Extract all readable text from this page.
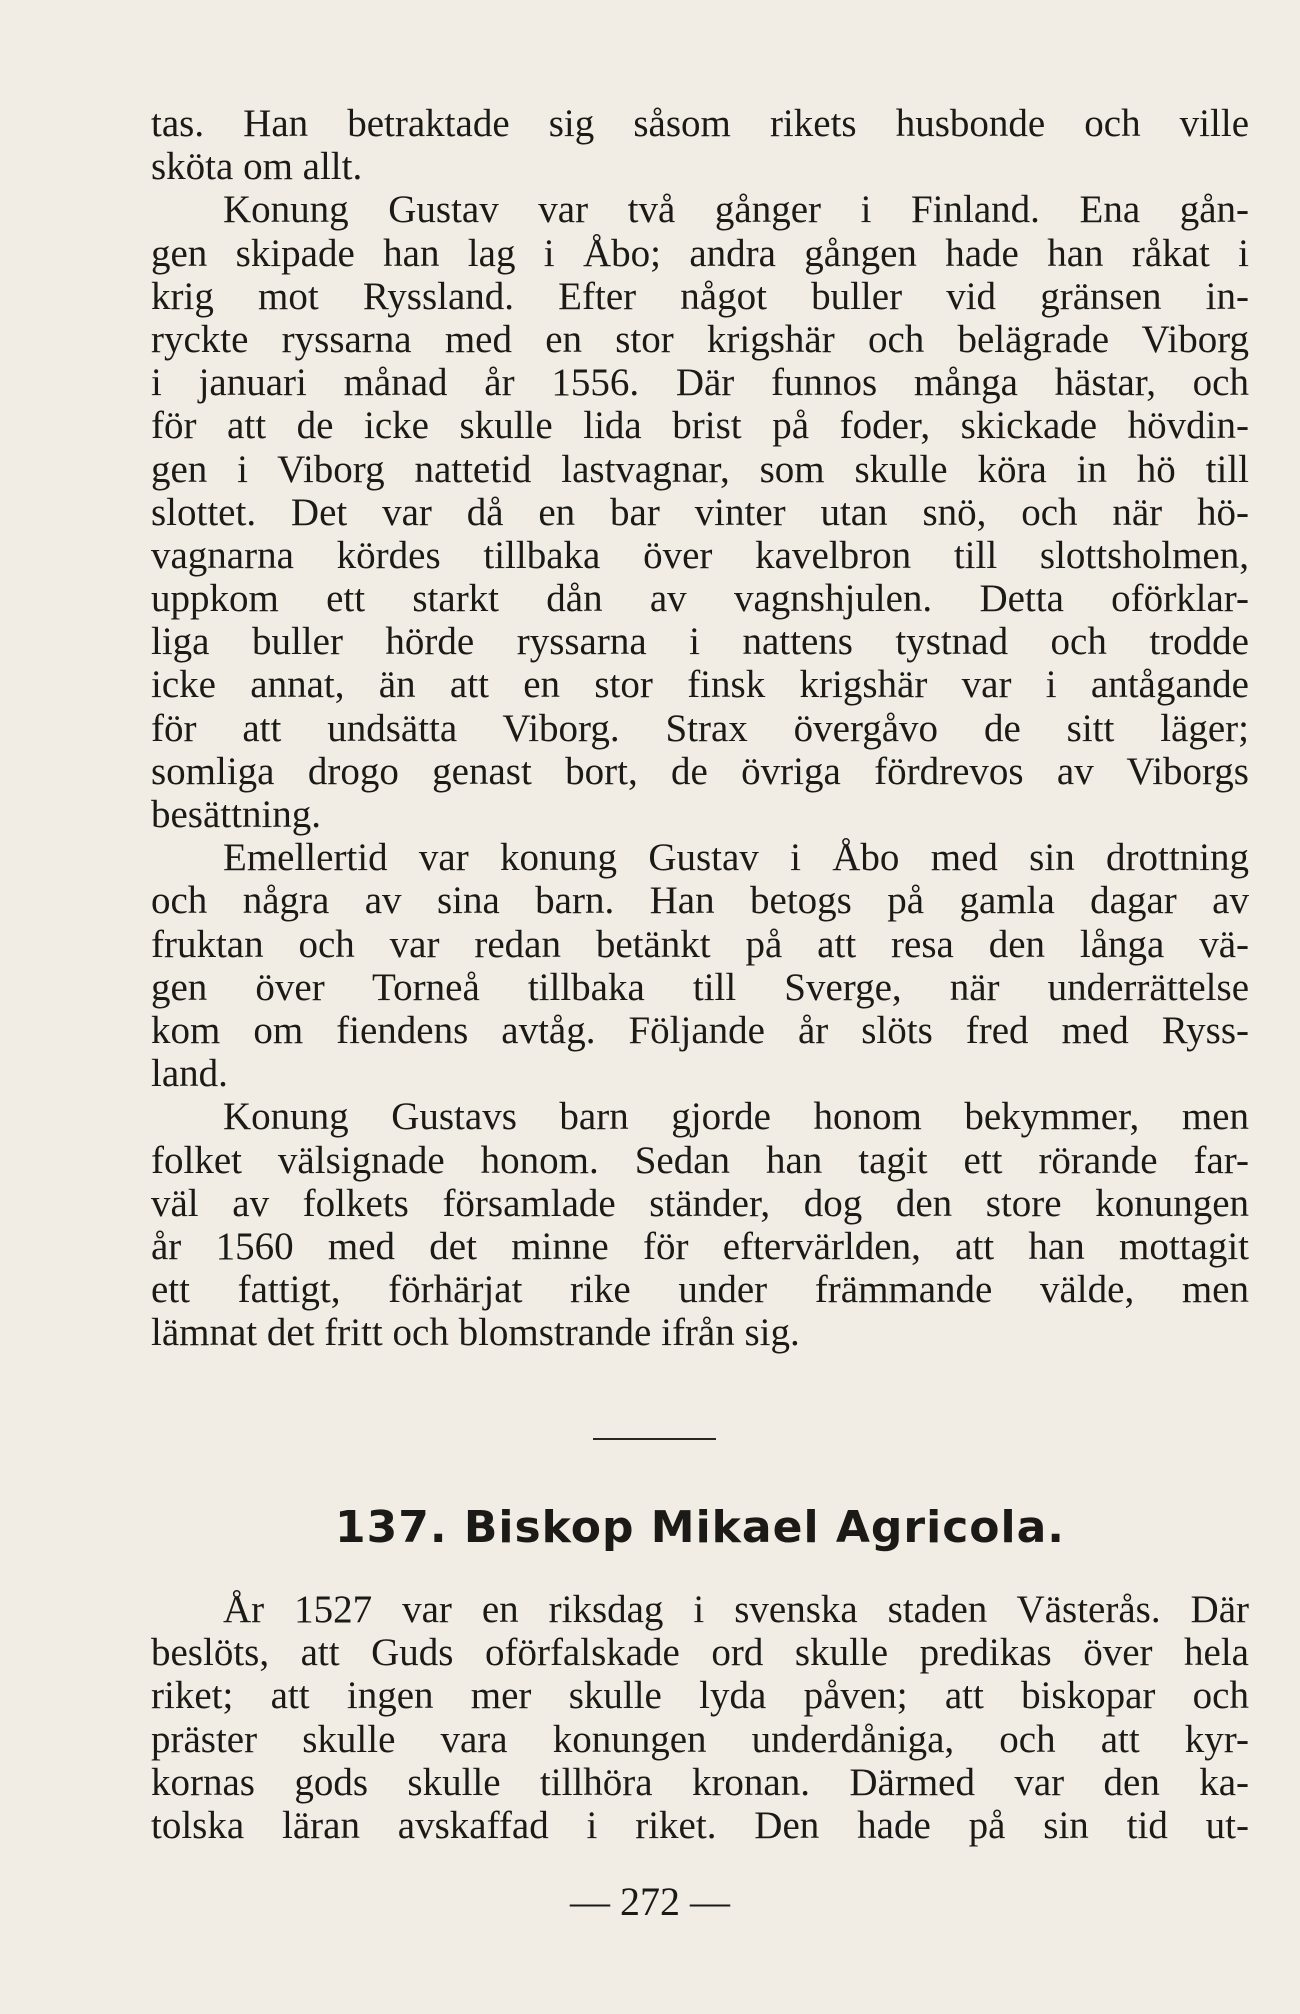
tas. Han betraktade sig såsom rikets husbonde och ville
sköta om allt.
Konung Gustav var två gånger i Finland. Ena gån-
gen skipade han lag i Åbo; andra gången hade han råkat i
krig mot Ryssland. Efter något buller vid gränsen in-
ryckte ryssarna med en stor krigshär och belägrade Viborg
i januari månad år 1556. Där funnos många hästar, och
för att de icke skulle lida brist på foder, skickade hövdin-
gen i Viborg nattetid lastvagnar, som skulle köra in hö till
slottet. Det var då en bar vinter utan snö, och när hö-
vagnarna kördes tillbaka över kavelbron till slottsholmen,
uppkom ett starkt dån av vagnshjulen. Detta oförklar-
liga buller hörde ryssarna i nattens tystnad och trodde
icke annat, än att en stor finsk krigshär var i antågande
för att undsätta Viborg. Strax övergåvo de sitt läger;
somliga drogo genast bort, de övriga fördrevos av Viborgs
besättning.
Emellertid var konung Gustav i Åbo med sin drottning
och några av sina barn. Han betogs på gamla dagar av
fruktan och var redan betänkt på att resa den långa vä-
gen över Torneå tillbaka till Sverge, när underrättelse
kom om fiendens avtåg. Följande år slöts fred med Ryss-
land.
Konung Gustavs barn gjorde honom bekymmer, men
folket välsignade honom. Sedan han tagit ett rörande far-
väl av folkets församlade ständer, dog den store konungen
år 1560 med det minne för eftervärlden, att han mottagit
ett fattigt, förhärjat rike under främmande välde, men
lämnat det fritt och blomstrande ifrån sig.
137. Biskop Mikael Agricola.
År 1527 var en riksdag i svenska staden Västerås. Där
beslöts, att Guds oförfalskade ord skulle predikas över hela
riket; att ingen mer skulle lyda påven; att biskopar och
präster skulle vara konungen underdåniga, och att kyr-
kornas gods skulle tillhöra kronan. Därmed var den ka-
tolska läran avskaffad i riket. Den hade på sin tid ut-
— 272 —
